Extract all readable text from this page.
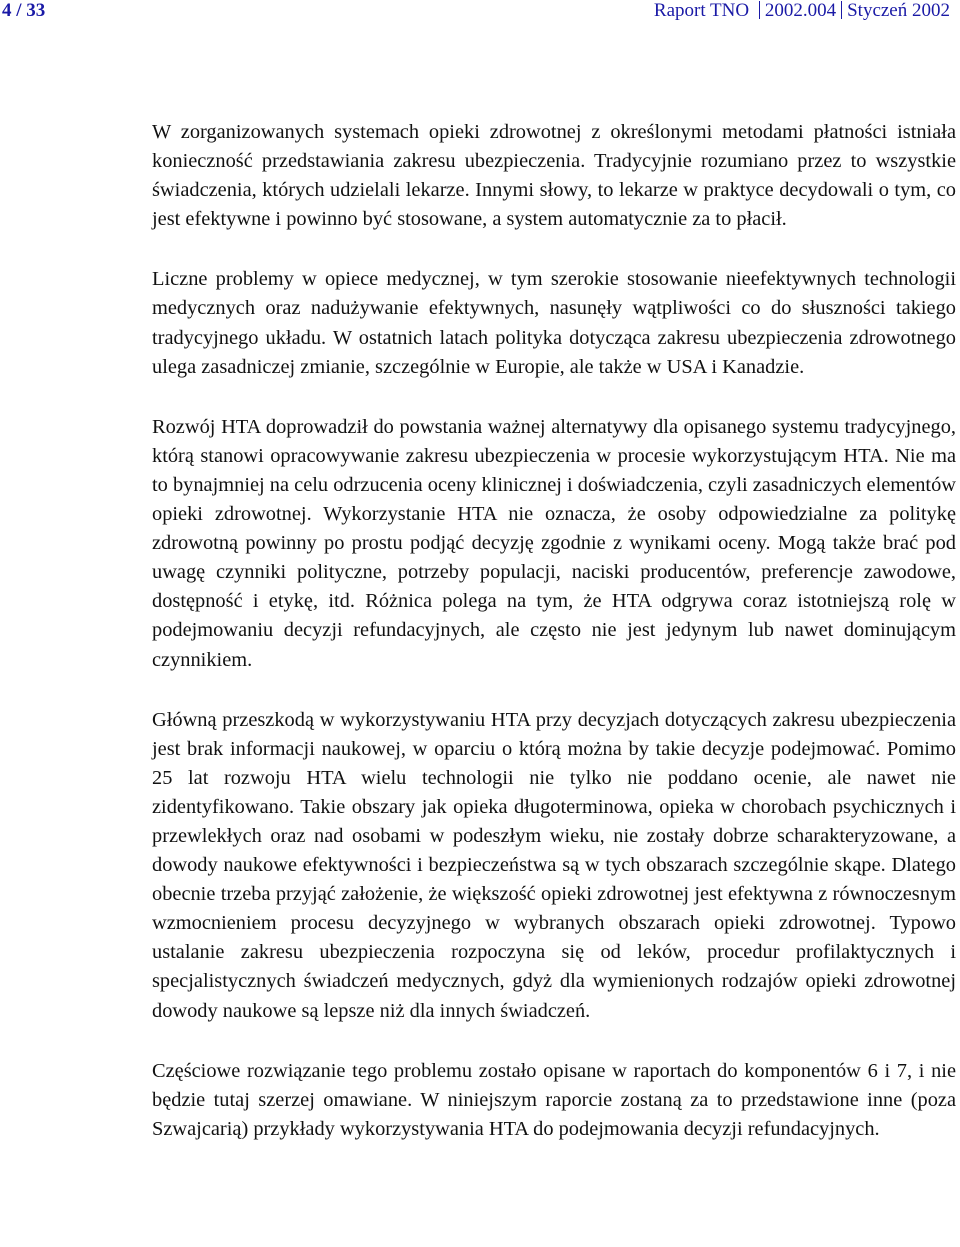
4 / 33	Raport TNO 2002.004 Styczeń 2002

W zorganizowanych systemach opieki zdrowotnej z określonymi metodami płatności istniała konieczność przedstawiania zakresu ubezpieczenia. Tradycyjnie rozumiano przez to wszystkie świadczenia, których udzielali lekarze. Innymi słowy, to lekarze w praktyce decydowali o tym, co jest efektywne i powinno być stosowane, a system automatycznie za to płacił.

Liczne problemy w opiece medycznej, w tym szerokie stosowanie nieefektywnych technologii medycznych oraz nadużywanie efektywnych, nasunęły wątpliwości co do słuszności takiego tradycyjnego układu. W ostatnich latach polityka dotycząca zakresu ubezpieczenia zdrowotnego ulega zasadniczej zmianie, szczególnie w Europie, ale także w USA i Kanadzie.

Rozwój HTA doprowadził do powstania ważnej alternatywy dla opisanego systemu tradycyjnego, którą stanowi opracowywanie zakresu ubezpieczenia w procesie wykorzystującym HTA. Nie ma to bynajmniej na celu odrzucenia oceny klinicznej i doświadczenia, czyli zasadniczych elementów opieki zdrowotnej. Wykorzystanie HTA nie oznacza, że osoby odpowiedzialne za politykę zdrowotną powinny po prostu podjąć decyzję zgodnie z wynikami oceny. Mogą także brać pod uwagę czynniki polityczne, potrzeby populacji, naciski producentów, preferencje zawodowe, dostępność i etykę, itd. Różnica polega na tym, że HTA odgrywa coraz istotniejszą rolę w podejmowaniu decyzji refundacyjnych, ale często nie jest jedynym lub nawet dominującym czynnikiem.

Główną przeszkodą w wykorzystywaniu HTA przy decyzjach dotyczących zakresu ubezpieczenia jest brak informacji naukowej, w oparciu o którą można by takie decyzje podejmować. Pomimo 25 lat rozwoju HTA wielu technologii nie tylko nie poddano ocenie, ale nawet nie zidentyfikowano. Takie obszary jak opieka długoterminowa, opieka w chorobach psychicznych i przewlekłych oraz nad osobami w podeszłym wieku, nie zostały dobrze scharakteryzowane, a dowody naukowe efektywności i bezpieczeństwa są w tych obszarach szczególnie skąpe. Dlatego obecnie trzeba przyjąć założenie, że większość opieki zdrowotnej jest efektywna z równoczesnym wzmocnieniem procesu decyzyjnego w wybranych obszarach opieki zdrowotnej. Typowo ustalanie zakresu ubezpieczenia rozpoczyna się od leków, procedur profilaktycznych i specjalistycznych świadczeń medycznych, gdyż dla wymienionych rodzajów opieki zdrowotnej dowody naukowe są lepsze niż dla innych świadczeń.

Częściowe rozwiązanie tego problemu zostało opisane w raportach do komponentów 6 i 7, i nie będzie tutaj szerzej omawiane. W niniejszym raporcie zostaną za to przedstawione inne (poza Szwajcarią) przykłady wykorzystywania HTA do podejmowania decyzji refundacyjnych.
